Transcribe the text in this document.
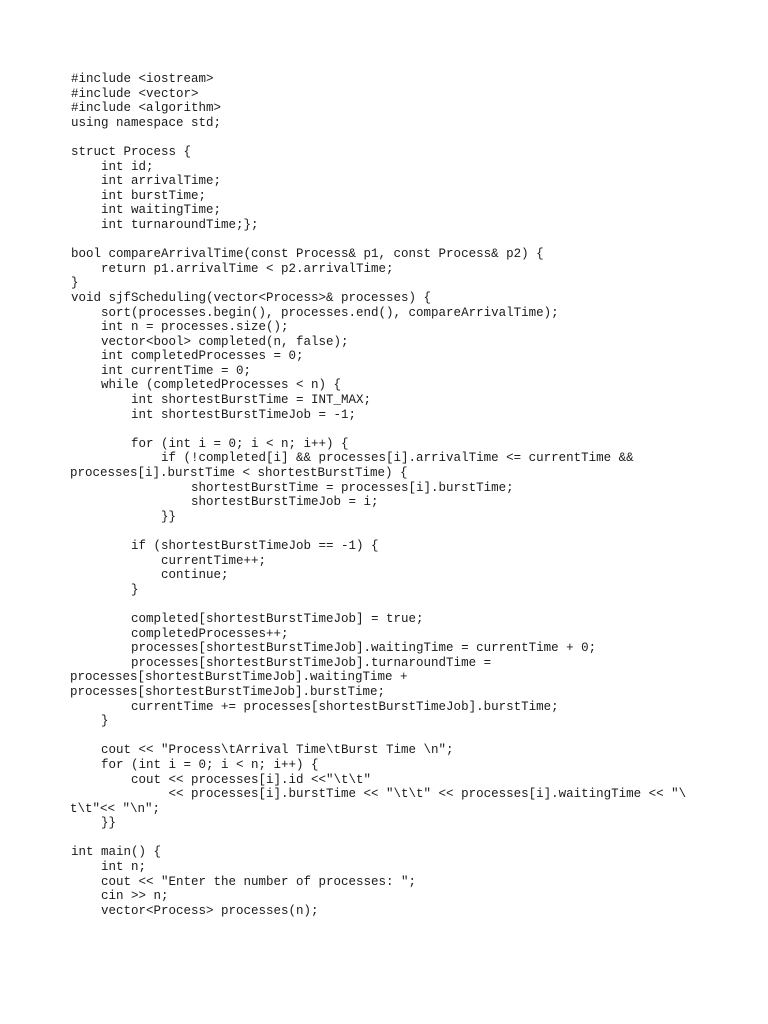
#include <iostream>
#include <vector>
#include <algorithm>
using namespace std;
struct Process {
int id;
int arrivalTime;
int burstTime;
int waitingTime;
int turnaroundTime;};
bool compareArrivalTime(const Process& p1, const Process& p2) {
return p1.arrivalTime < p2.arrivalTime;
}
void sjfScheduling(vector<Process>& processes) {
sort(processes.begin(), processes.end(), compareArrivalTime);
int n = processes.size();
vector<bool> completed(n, false);
int completedProcesses = 0;
int currentTime = 0;
while (completedProcesses < n) {
int shortestBurstTime = INT_MAX;
int shortestBurstTimeJob = -1;
for (int i = 0; i < n; i++) {
if (!completed[i] && processes[i].arrivalTime <= currentTime &&
processes[i].burstTime < shortestBurstTime) {
shortestBurstTime = processes[i].burstTime;
shortestBurstTimeJob = i;
}}
if (shortestBurstTimeJob == -1) {
currentTime++;
continue;
}
completed[shortestBurstTimeJob] = true;
completedProcesses++;
processes[shortestBurstTimeJob].waitingTime = currentTime + 0;
processes[shortestBurstTimeJob].turnaroundTime =
processes[shortestBurstTimeJob].waitingTime +
processes[shortestBurstTimeJob].burstTime;
currentTime += processes[shortestBurstTimeJob].burstTime;
}
cout << "Process\tArrival Time\tBurst Time \n";
for (int i = 0; i < n; i++) {
cout << processes[i].id <<"\t\t"
<< processes[i].burstTime << "\t\t" << processes[i].waitingTime << "\
t\t"<< "\n";
}}
int main() {
int n;
cout << "Enter the number of processes: ";
cin >> n;
vector<Process> processes(n);
